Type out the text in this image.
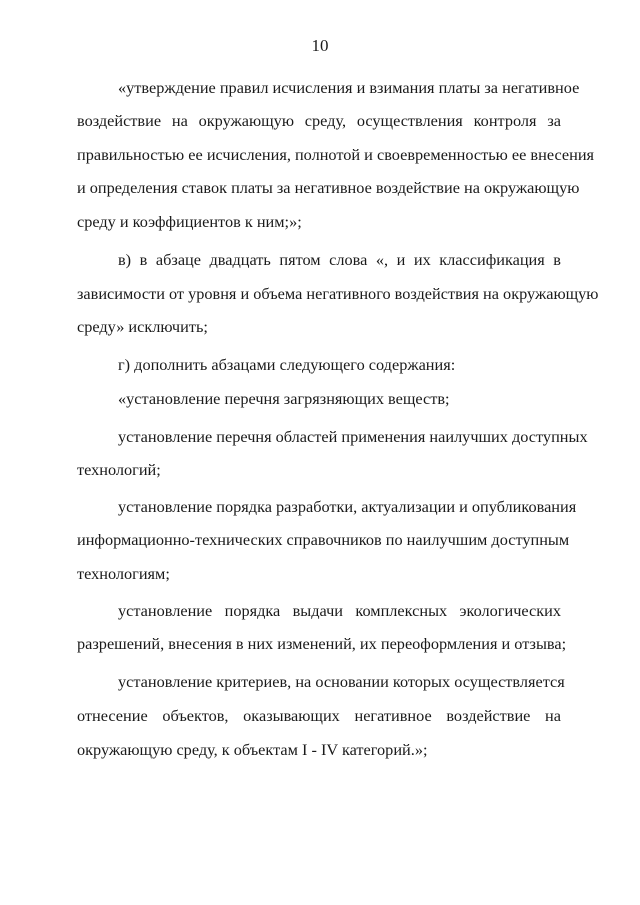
10
«утверждение правил исчисления и взимания платы за негативное
воздействие на окружающую среду, осуществления контроля за
правильностью ее исчисления, полнотой и своевременностью ее внесения
и определения ставок платы за негативное воздействие на окружающую
среду и коэффициентов к ним;»;
в) в абзаце двадцать пятом слова «, и их классификация в
зависимости от уровня и объема негативного воздействия на окружающую
среду» исключить;
г) дополнить абзацами следующего содержания:
«установление перечня загрязняющих веществ;
установление перечня областей применения наилучших доступных
технологий;
установление порядка разработки, актуализации и опубликования
информационно-технических справочников по наилучшим доступным
технологиям;
установление порядка выдачи комплексных экологических
разрешений, внесения в них изменений, их переоформления и отзыва;
установление критериев, на основании которых осуществляется
отнесение объектов, оказывающих негативное воздействие на
окружающую среду, к объектам I - IV категорий.»;
